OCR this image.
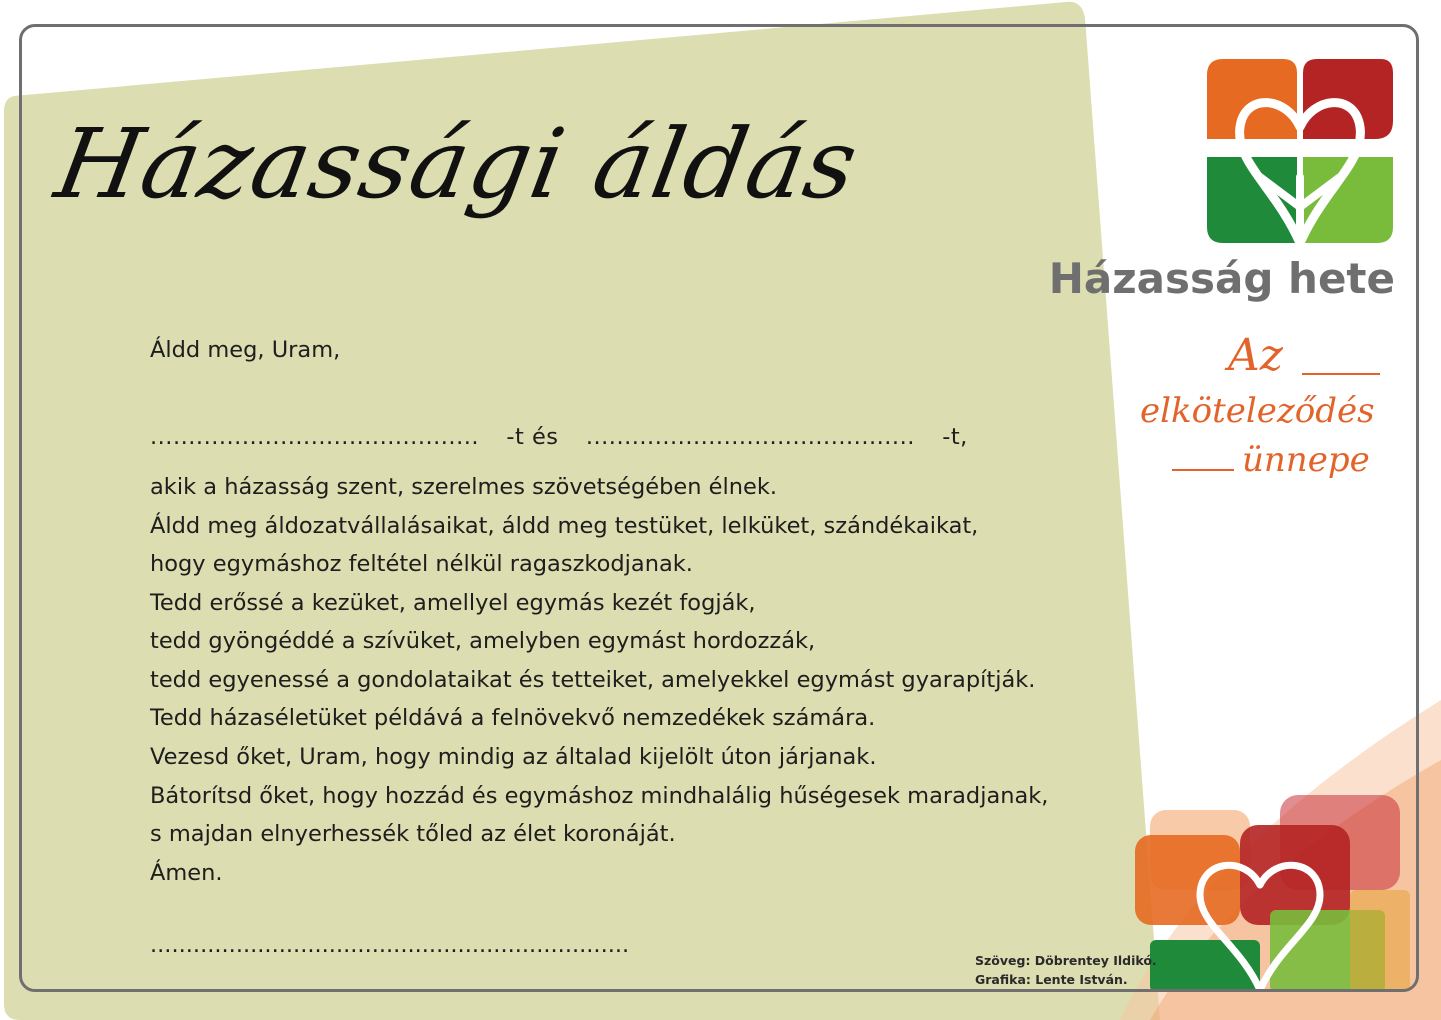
Házassági áldás
Áldd meg, Uram,
........................................... -t és ........................................... -t,
akik a házasság szent, szerelmes szövetségében élnek.
Áldd meg áldozatvállalásaikat, áldd meg testüket, lelküket, szándékaikat,
hogy egymáshoz feltétel nélkül ragaszkodjanak.
Tedd erőssé a kezüket, amellyel egymás kezét fogják,
tedd gyöngéddé a szívüket, amelyben egymást hordozzák,
tedd egyenessé a gondolataikat és tetteiket, amelyekkel egymást gyarapítják.
Tedd házaséletüket példává a felnövekvő nemzedékek számára.
Vezesd őket, Uram, hogy mindig az általad kijelölt úton járjanak.
Bátorítsd őket, hogy hozzád és egymáshoz mindhalálig hűségesek maradjanak,
s majdan elnyerhessék tőled az élet koronáját.
Ámen.
...................................................................
Házasság hete
Az
elköteleződés
ünnepe
Szöveg: Döbrentey Ildikó.
Grafika: Lente István.
